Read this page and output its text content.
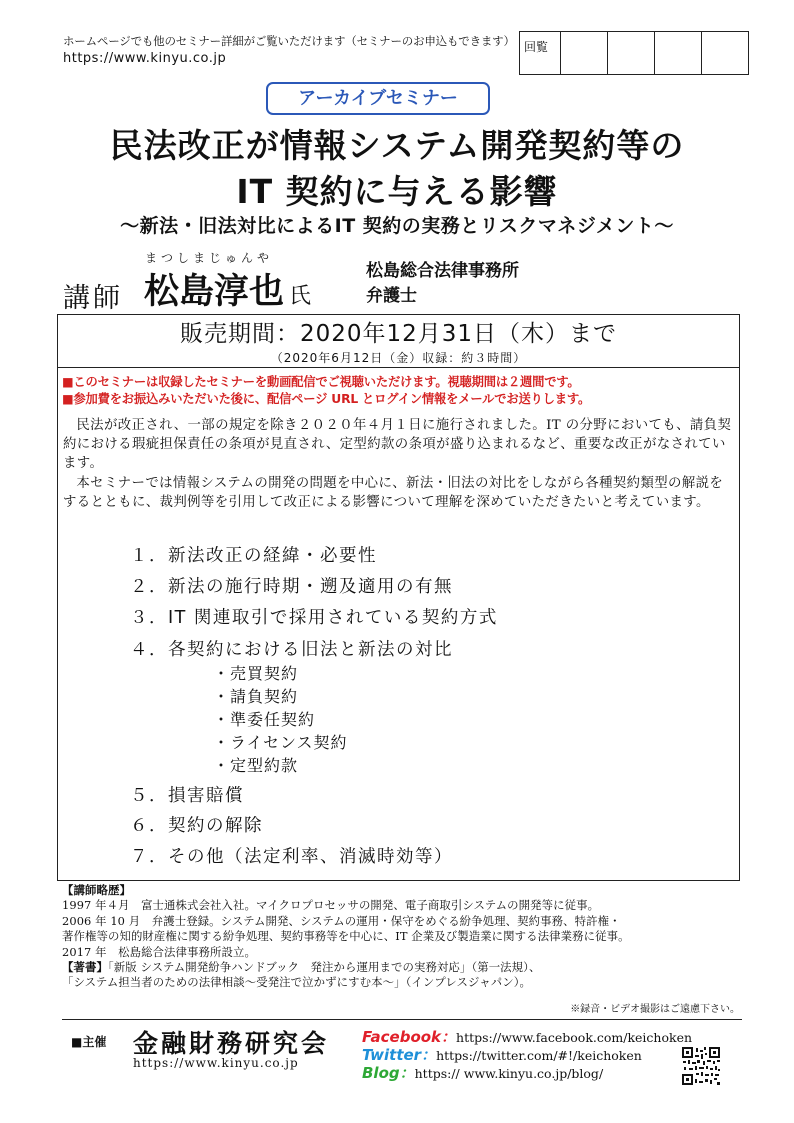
ホームページでも他のセミナー詳細がご覧いただけます（セミナーのお申込もできます）
https://www.kinyu.co.jp
回覧
アーカイブセミナー
民法改正が情報システム開発契約等の
IT 契約に与える影響
～新法・旧法対比によるIT 契約の実務とリスクマネジメント～
まつしまじゅんや
講師 松島淳也 氏
松島総合法律事務所
弁護士
販売期間：2020年12月31日（木）まで
（2020年6月12日（金）収録：約３時間）
■このセミナーは収録したセミナーを動画配信でご視聴いただけます。視聴期間は２週間です。
■参加費をお振込みいただいた後に、配信ページ URL とログイン情報をメールでお送りします。

民法が改正され、一部の規定を除き２０２０年４月１日に施行されました。IT の分野においても、請負契約における瑕疵担保責任の条項が見直され、定型約款の条項が盛り込まれるなど、重要な改正がなされています。

本セミナーでは情報システムの開発の問題を中心に、新法・旧法の対比をしながら各種契約類型の解説をするとともに、裁判例等を引用して改正による影響について理解を深めていただきたいと考えています。

１．新法改正の経緯・必要性
２．新法の施行時期・遡及適用の有無
３．IT 関連取引で採用されている契約方式
４．各契約における旧法と新法の対比
・売買契約
・請負契約
・準委任契約
・ライセンス契約
・定型約款
５．損害賠償
６．契約の解除
７．その他（法定利率、消滅時効等）
【講師略歴】
1997 年４月　富士通株式会社入社。マイクロプロセッサの開発、電子商取引システムの開発等に従事。
2006 年 10 月　弁護士登録。システム開発、システムの運用・保守をめぐる紛争処理、契約事務、特許権・
著作権等の知的財産権に関する紛争処理、契約事務等を中心に、IT 企業及び製造業に関する法律業務に従事。
2017 年　松島総合法律事務所設立。
【著書】「新版 システム開発紛争ハンドブック　発注から運用までの実務対応」（第一法規）、
「システム担当者のための法律相談～受発注で泣かずにすむ本～」（インプレスジャパン）。
※録音・ビデオ撮影はご遠慮下さい。
■主催 金融財務研究会
https://www.kinyu.co.jp
Facebook：https://www.facebook.com/keichoken
Twitter：https://twitter.com/#!/keichoken
Blog：https:// www.kinyu.co.jp/blog/
